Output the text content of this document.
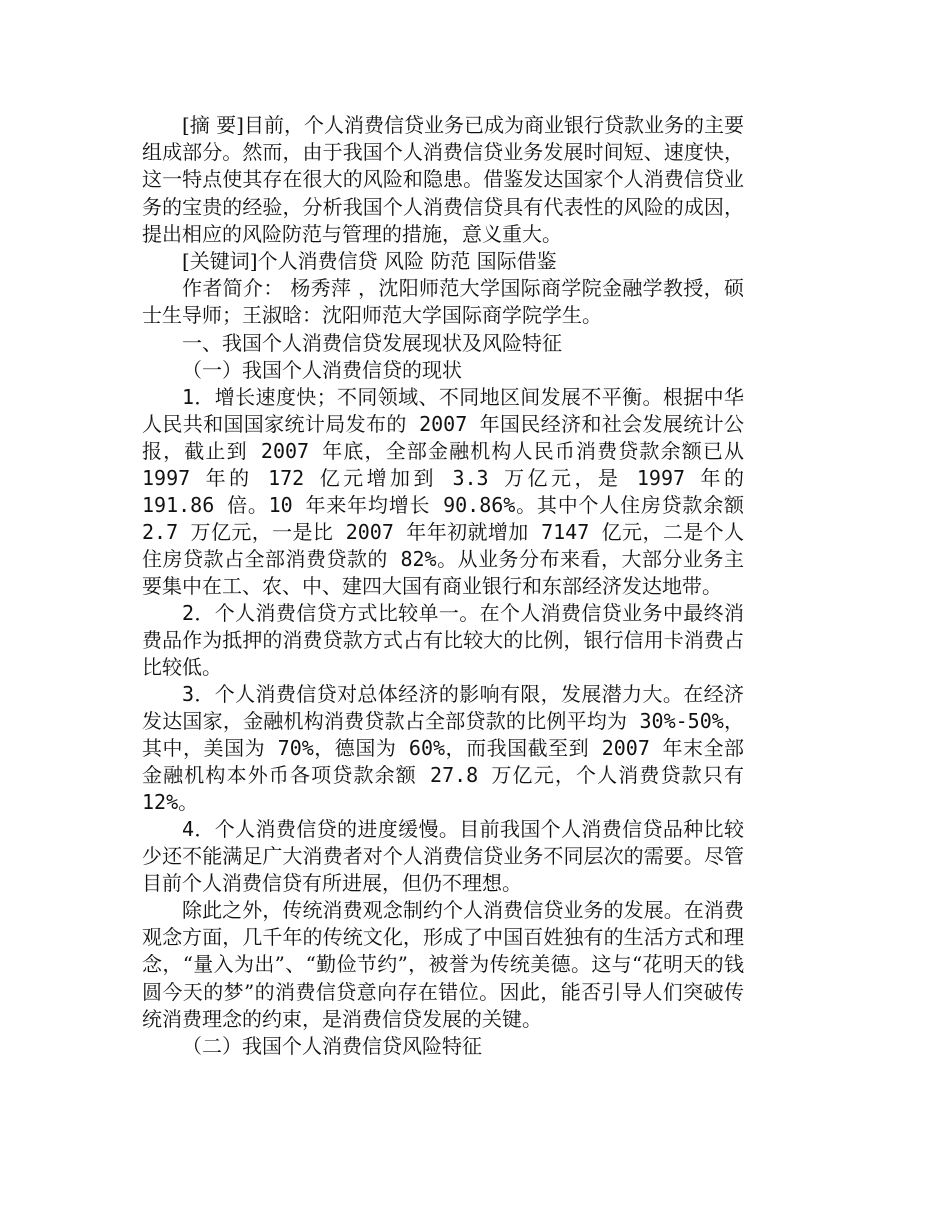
[摘 要]目前，个人消费信贷业务已成为商业银行贷款业务的主要组成部分。然而，由于我国个人消费信贷业务发展时间短、速度快，这一特点使其存在很大的风险和隐患。借鉴发达国家个人消费信贷业务的宝贵的经验，分析我国个人消费信贷具有代表性的风险的成因，提出相应的风险防范与管理的措施，意义重大。

[关键词]个人消费信贷 风险 防范 国际借鉴

作者简介： 杨秀萍 ，沈阳师范大学国际商学院金融学教授，硕士生导师；王淑晗：沈阳师范大学国际商学院学生。

一、我国个人消费信贷发展现状及风险特征

（一）我国个人消费信贷的现状

1．增长速度快；不同领域、不同地区间发展不平衡。根据中华人民共和国国家统计局发布的 2007 年国民经济和社会发展统计公报，截止到 2007 年底，全部金融机构人民币消费贷款余额已从 1997 年的 172 亿元增加到 3.3 万亿元，是 1997 年的 191.86 倍。10 年来年均增长 90.86%。其中个人住房贷款余额 2.7 万亿元，一是比 2007 年年初就增加 7147 亿元，二是个人住房贷款占全部消费贷款的 82%。从业务分布来看，大部分业务主要集中在工、农、中、建四大国有商业银行和东部经济发达地带。

2．个人消费信贷方式比较单一。在个人消费信贷业务中最终消费品作为抵押的消费贷款方式占有比较大的比例，银行信用卡消费占比较低。

3．个人消费信贷对总体经济的影响有限，发展潜力大。在经济发达国家，金融机构消费贷款占全部贷款的比例平均为 30%-50%，其中，美国为 70%，德国为 60%，而我国截至到 2007 年末全部金融机构本外币各项贷款余额 27.8 万亿元，个人消费贷款只有 12%。

4．个人消费信贷的进度缓慢。目前我国个人消费信贷品种比较少还不能满足广大消费者对个人消费信贷业务不同层次的需要。尽管目前个人消费信贷有所进展，但仍不理想。

除此之外，传统消费观念制约个人消费信贷业务的发展。在消费观念方面，几千年的传统文化，形成了中国百姓独有的生活方式和理念，“量入为出”、“勤俭节约”，被誉为传统美德。这与“花明天的钱圆今天的梦”的消费信贷意向存在错位。因此，能否引导人们突破传统消费理念的约束，是消费信贷发展的关键。

（二）我国个人消费信贷风险特征
